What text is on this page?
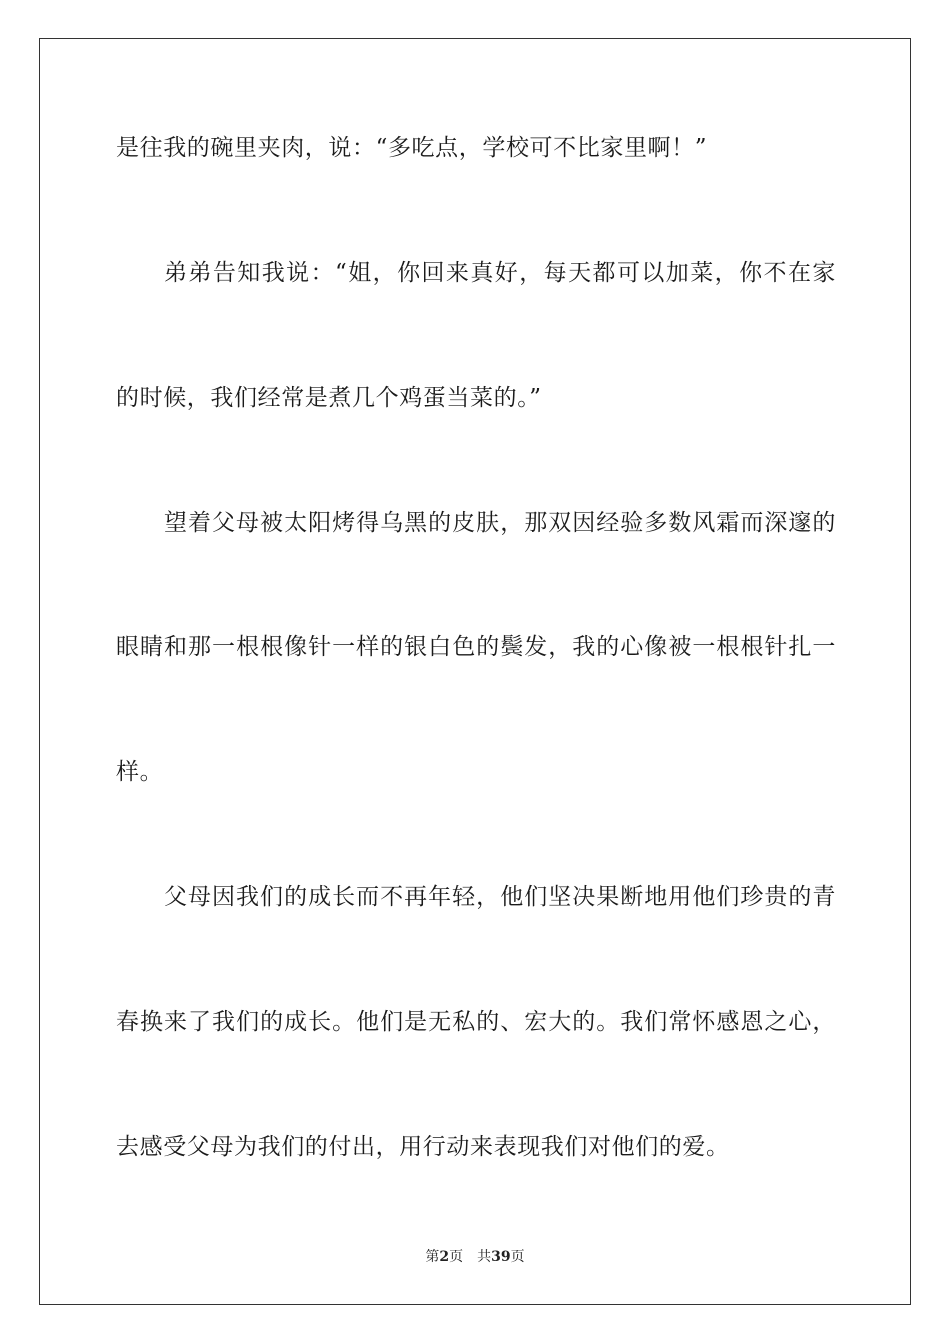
是往我的碗里夹肉，说：“多吃点，学校可不比家里啊！”
弟弟告知我说：“姐，你回来真好，每天都可以加菜，你不在家
的时候，我们经常是煮几个鸡蛋当菜的。”
望着父母被太阳烤得乌黑的皮肤，那双因经验多数风霜而深邃的
眼睛和那一根根像针一样的银白色的鬓发，我的心像被一根根针扎一
样。
父母因我们的成长而不再年轻，他们坚决果断地用他们珍贵的青
春换来了我们的成长。他们是无私的、宏大的。我们常怀感恩之心，
去感受父母为我们的付出，用行动来表现我们对他们的爱。
第2页 共39页
